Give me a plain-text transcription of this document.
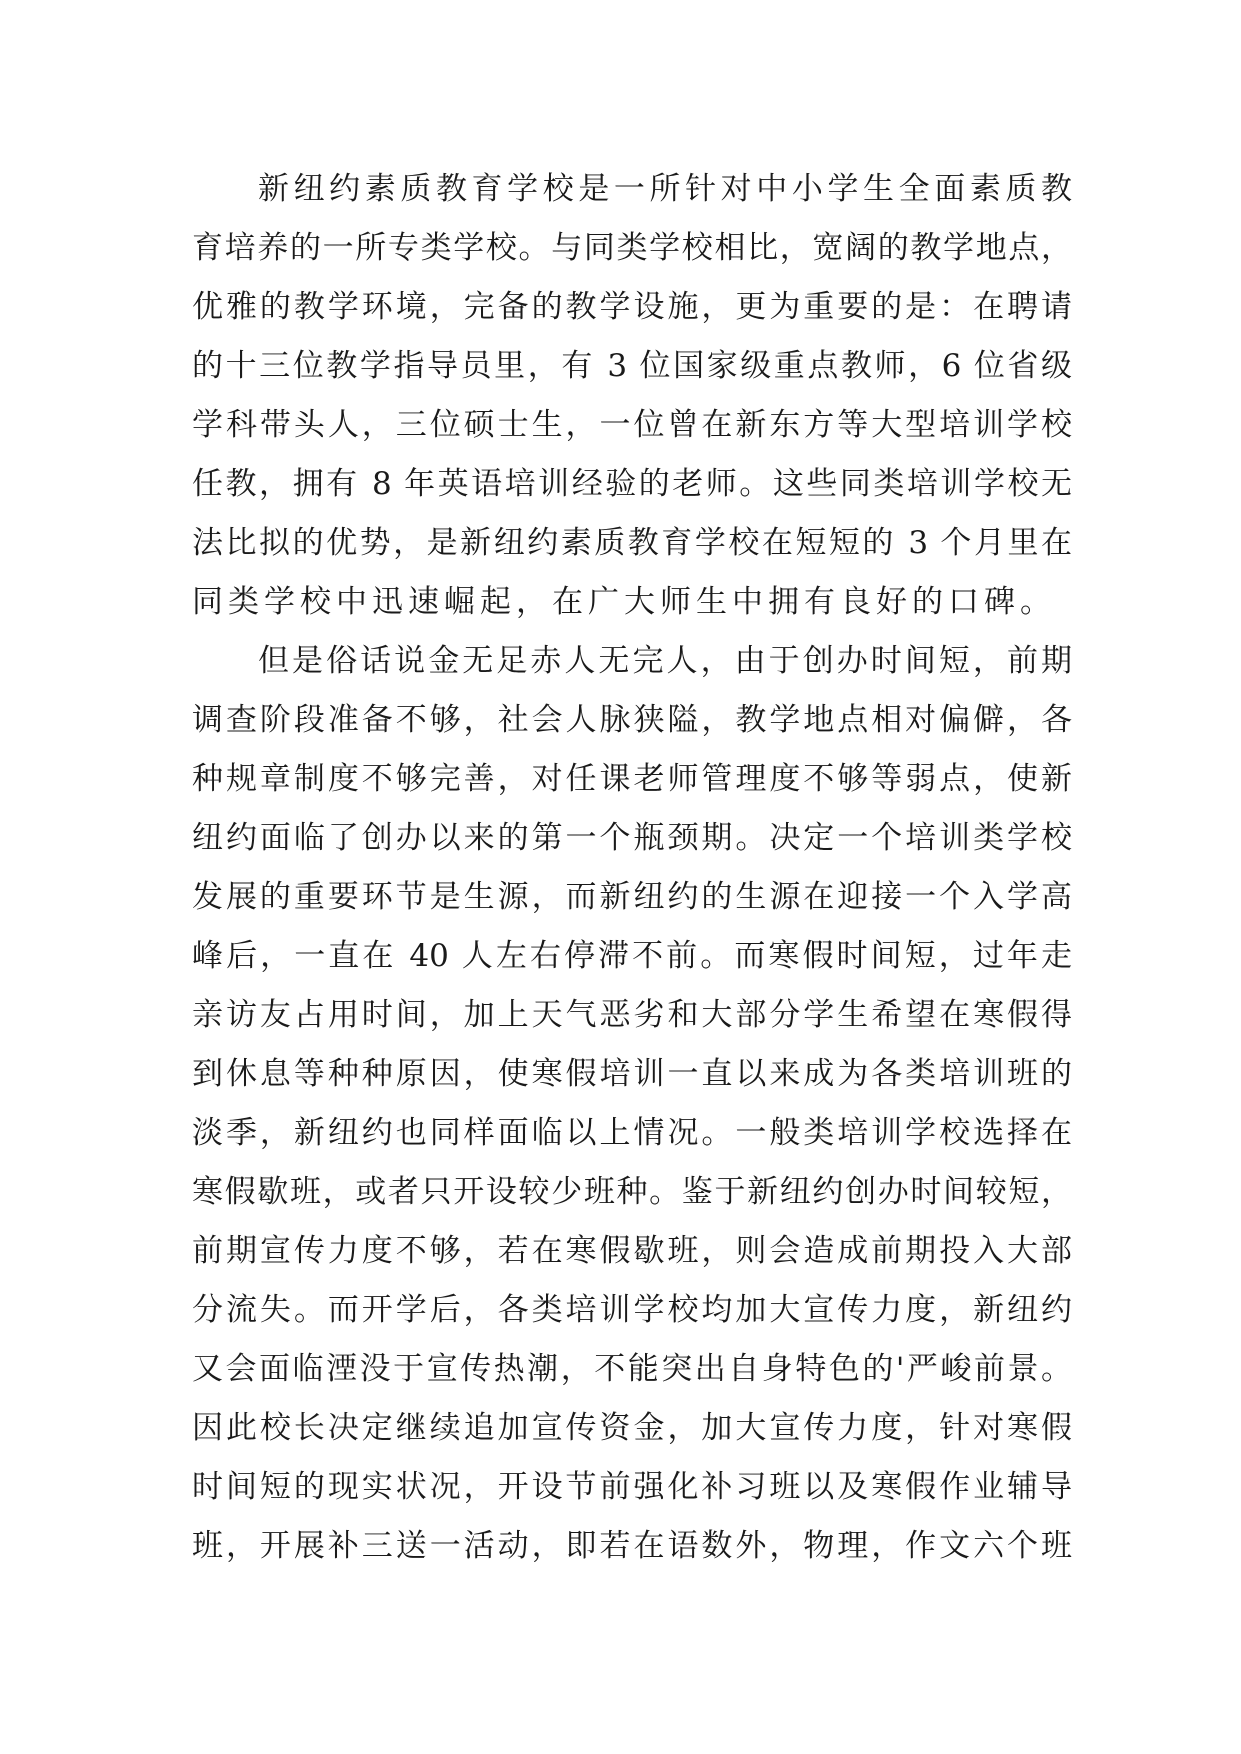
新纽约素质教育学校是一所针对中小学生全面素质教
育培养的一所专类学校。与同类学校相比，宽阔的教学地点，
优雅的教学环境，完备的教学设施，更为重要的是：在聘请
的十三位教学指导员里，有 3 位国家级重点教师，6 位省级
学科带头人，三位硕士生，一位曾在新东方等大型培训学校
任教，拥有 8 年英语培训经验的老师。这些同类培训学校无
法比拟的优势，是新纽约素质教育学校在短短的 3 个月里在
同类学校中迅速崛起，在广大师生中拥有良好的口碑。
但是俗话说金无足赤人无完人，由于创办时间短，前期
调查阶段准备不够，社会人脉狭隘，教学地点相对偏僻，各
种规章制度不够完善，对任课老师管理度不够等弱点，使新
纽约面临了创办以来的第一个瓶颈期。决定一个培训类学校
发展的重要环节是生源，而新纽约的生源在迎接一个入学高
峰后，一直在 40 人左右停滞不前。而寒假时间短，过年走
亲访友占用时间，加上天气恶劣和大部分学生希望在寒假得
到休息等种种原因，使寒假培训一直以来成为各类培训班的
淡季，新纽约也同样面临以上情况。一般类培训学校选择在
寒假歇班，或者只开设较少班种。鉴于新纽约创办时间较短，
前期宣传力度不够，若在寒假歇班，则会造成前期投入大部
分流失。而开学后，各类培训学校均加大宣传力度，新纽约
又会面临湮没于宣传热潮，不能突出自身特色的'严峻前景。
因此校长决定继续追加宣传资金，加大宣传力度，针对寒假
时间短的现实状况，开设节前强化补习班以及寒假作业辅导
班，开展补三送一活动，即若在语数外，物理，作文六个班
